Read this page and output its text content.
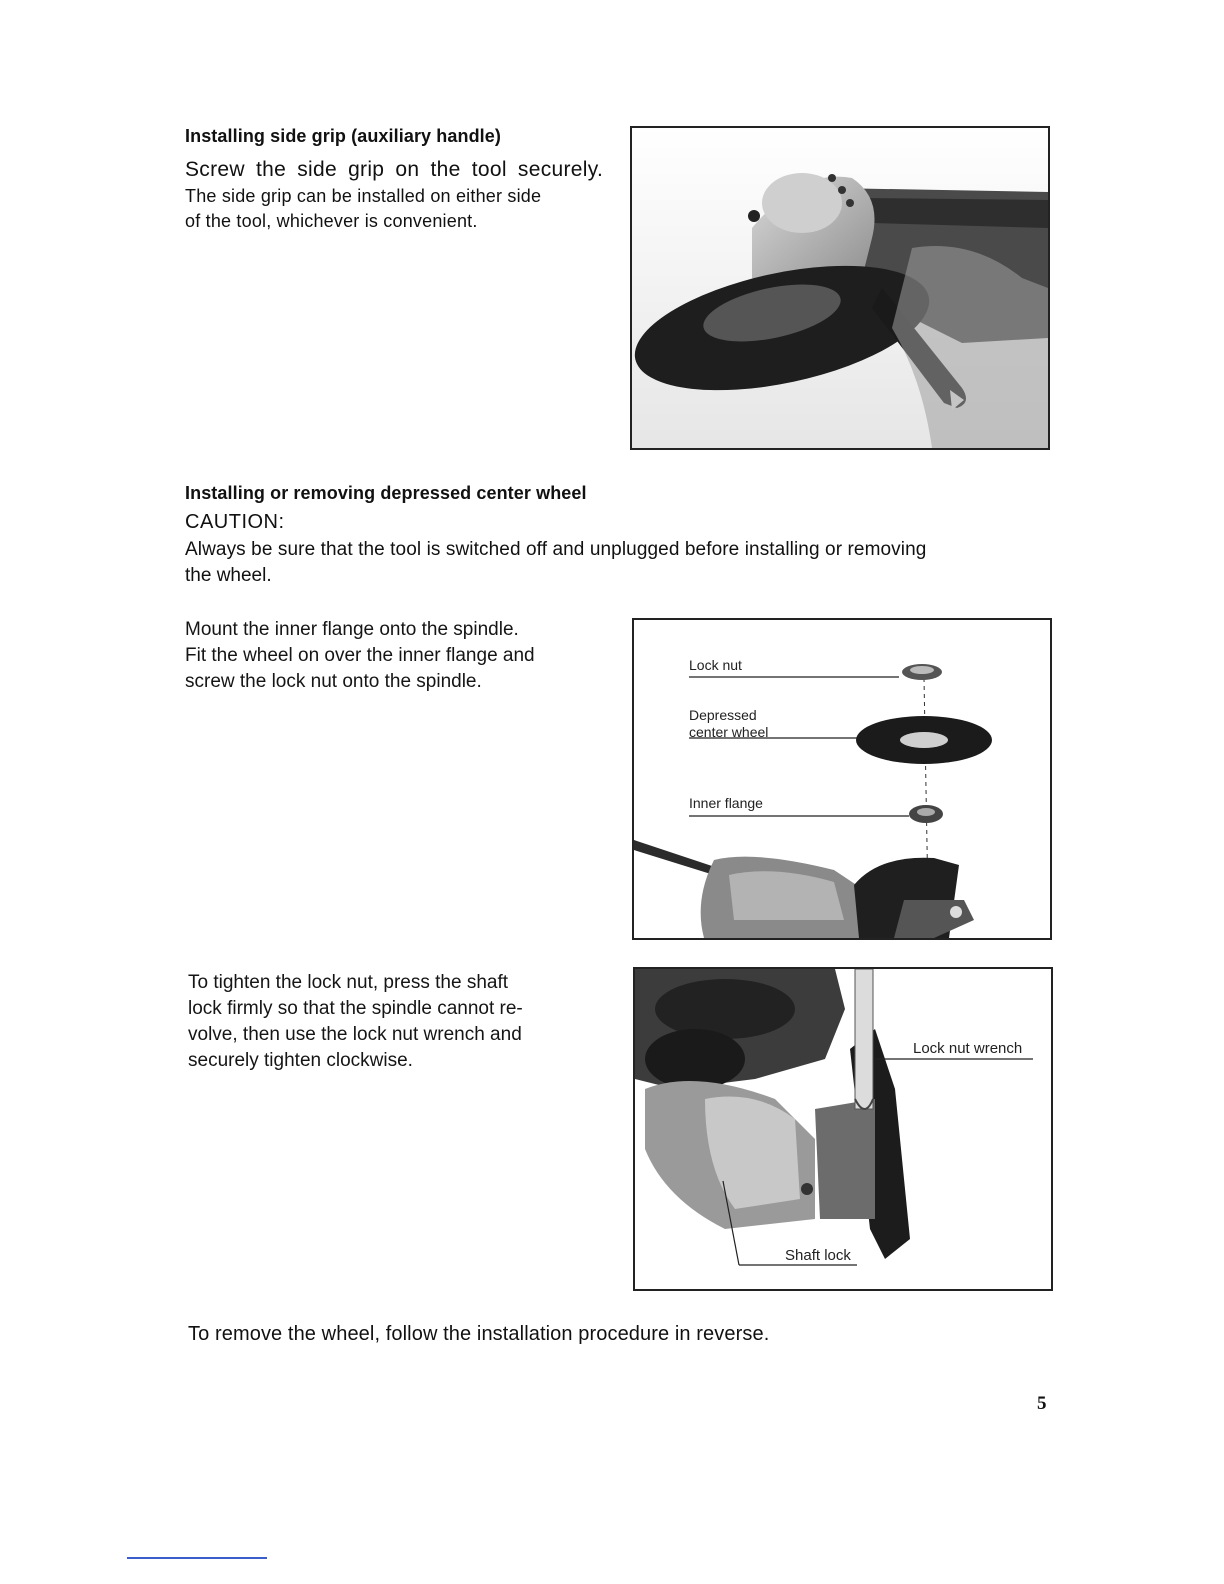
Installing side grip (auxiliary handle)
Screw the side grip on the tool securely.
The side grip can be installed on either side
of the tool, whichever is convenient.
Installing or removing depressed center wheel
CAUTION:
Always be sure that the tool is switched off and unplugged before installing or removing
the wheel.
Mount the inner flange onto the spindle.
Fit the wheel on over the inner flange and
screw the lock nut onto the spindle.
Lock nut
Depressed
center wheel
Inner flange
To tighten the lock nut, press the shaft
lock firmly so that the spindle cannot re-
volve, then use the lock nut wrench and
securely tighten clockwise.
Lock nut wrench
Shaft lock
To remove the wheel, follow the installation procedure in reverse.
5
